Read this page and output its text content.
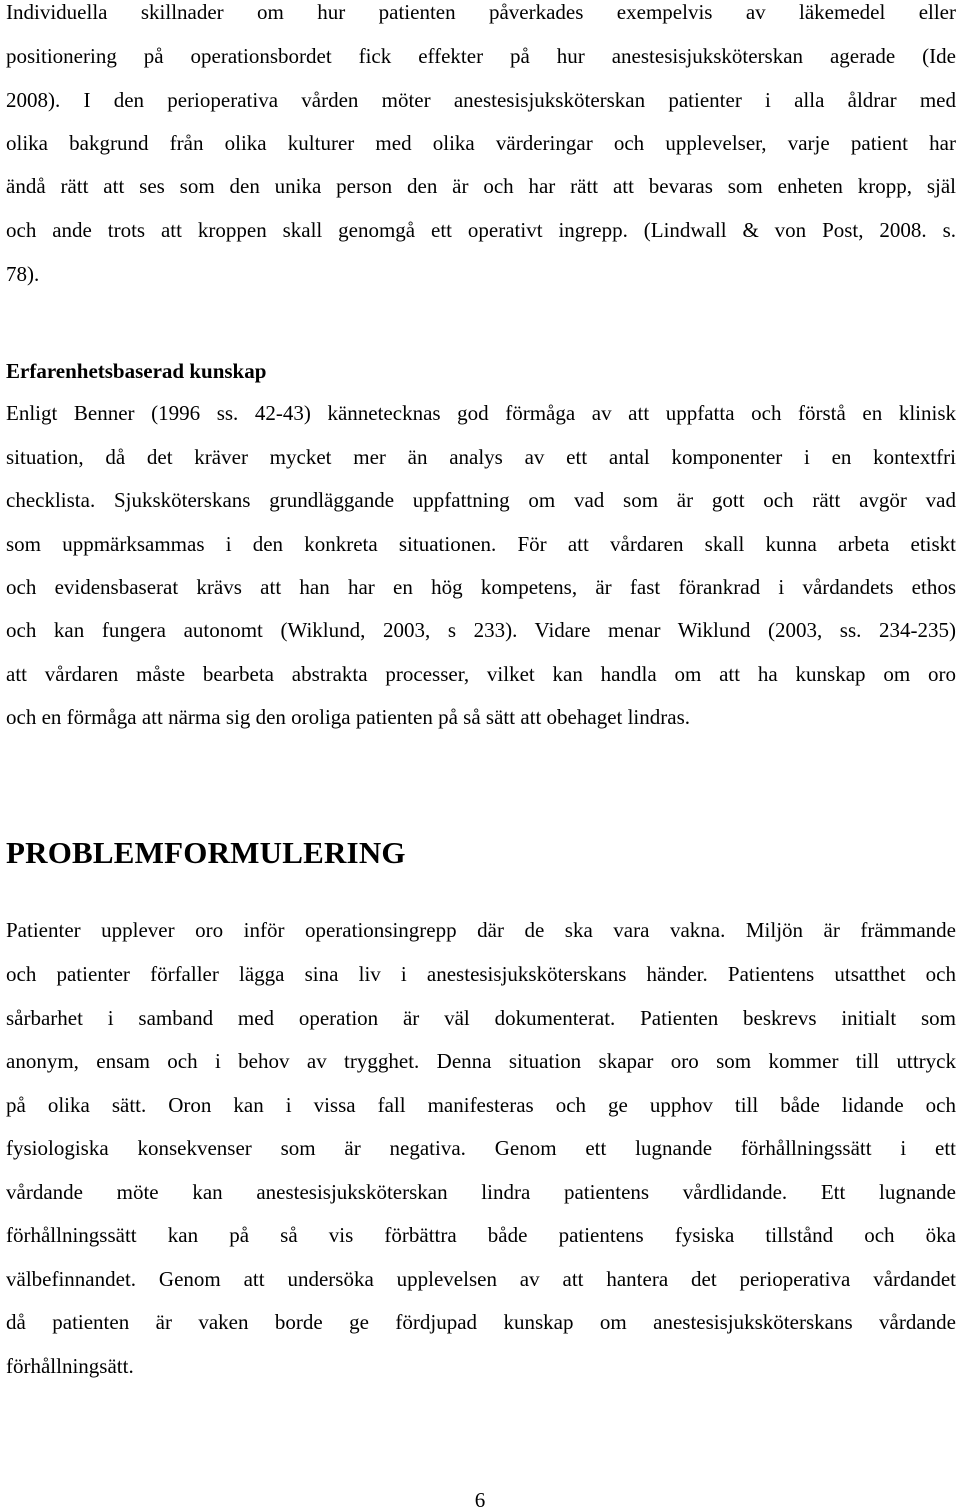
Individuella skillnader om hur patienten påverkades exempelvis av läkemedel eller
positionering på operationsbordet fick effekter på hur anestesisjuksköterskan agerade (Ide
2008). I den perioperativa vården möter anestesisjuksköterskan patienter i alla åldrar med
olika bakgrund från olika kulturer med olika värderingar och upplevelser, varje patient har
ändå rätt att ses som den unika person den är och har rätt att bevaras som enheten kropp, själ
och ande trots att kroppen skall genomgå ett operativt ingrepp. (Lindwall & von Post, 2008. s.
78).
Erfarenhetsbaserad kunskap
Enligt Benner (1996 ss. 42-43) kännetecknas god förmåga av att uppfatta och förstå en klinisk
situation, då det kräver mycket mer än analys av ett antal komponenter i en kontextfri
checklista. Sjuksköterskans grundläggande uppfattning om vad som är gott och rätt avgör vad
som uppmärksammas i den konkreta situationen. För att vårdaren skall kunna arbeta etiskt
och evidensbaserat krävs att han har en hög kompetens, är fast förankrad i vårdandets ethos
och kan fungera autonomt (Wiklund, 2003, s 233). Vidare menar Wiklund (2003, ss. 234-235)
att vårdaren måste bearbeta abstrakta processer, vilket kan handla om att ha kunskap om oro
och en förmåga att närma sig den oroliga patienten på så sätt att obehaget lindras.
PROBLEMFORMULERING
Patienter upplever oro inför operationsingrepp där de ska vara vakna. Miljön är främmande
och patienter förfaller lägga sina liv i anestesisjuksköterskans händer. Patientens utsatthet och
sårbarhet i samband med operation är väl dokumenterat. Patienten beskrevs initialt som
anonym, ensam och i behov av trygghet. Denna situation skapar oro som kommer till uttryck
på olika sätt. Oron kan i vissa fall manifesteras och ge upphov till både lidande och
fysiologiska konsekvenser som är negativa. Genom ett lugnande förhållningssätt i ett
vårdande möte kan anestesisjuksköterskan lindra patientens vårdlidande. Ett lugnande
förhållningssätt kan på så vis förbättra både patientens fysiska tillstånd och öka
välbefinnandet. Genom att undersöka upplevelsen av att hantera det perioperativa vårdandet
då patienten är vaken borde ge fördjupad kunskap om anestesisjuksköterskans vårdande
förhållningsätt.
6
